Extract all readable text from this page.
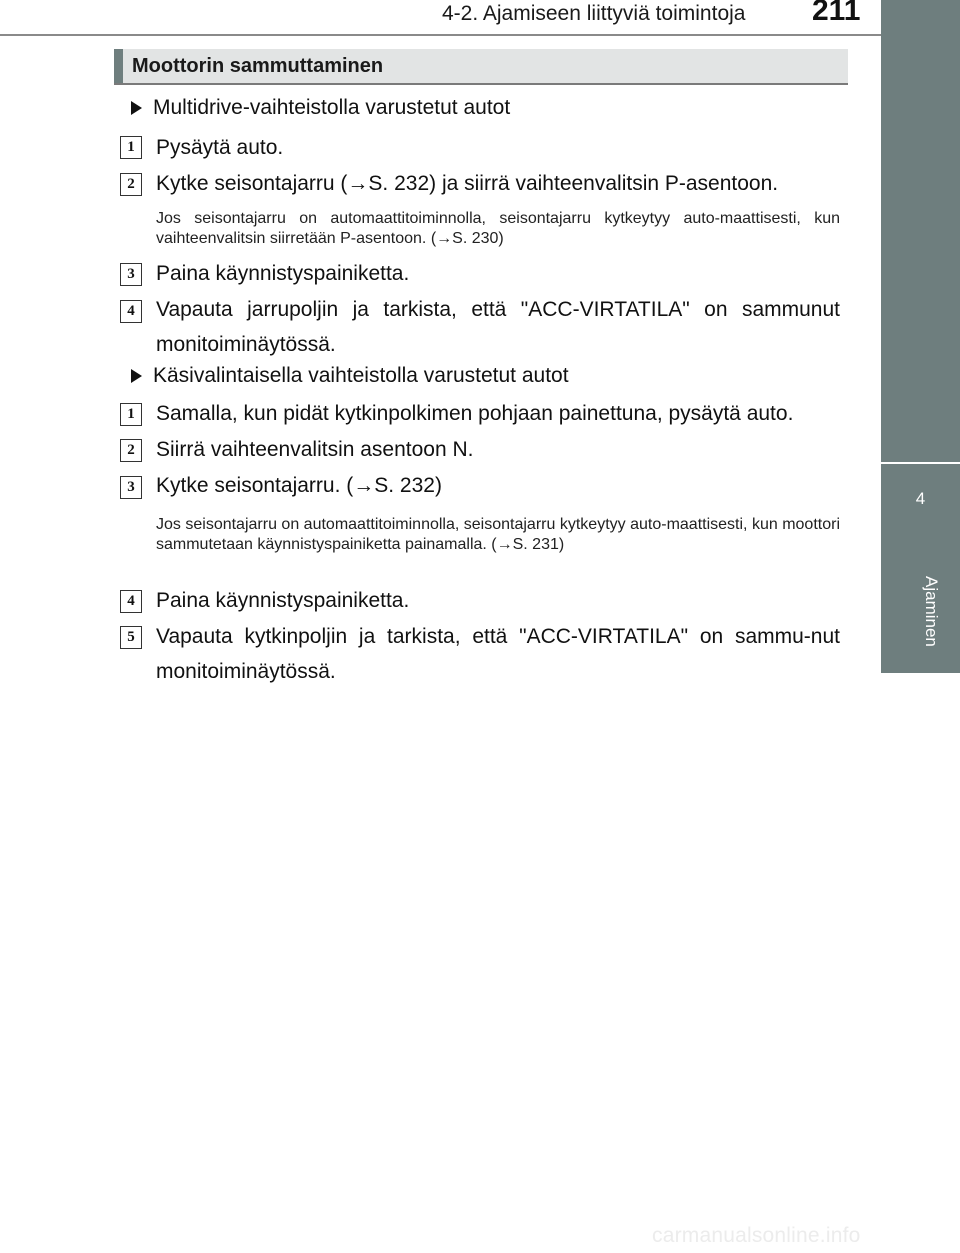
4-2. Ajamiseen liittyviä toimintoja 211
4
Ajaminen
Moottorin sammuttaminen
Multidrive-vaihteistolla varustetut autot
1	Pysäytä auto.
2	Kytke seisontajarru (→S. 232) ja siirrä vaihteenvalitsin P-asentoon.
Jos seisontajarru on automaattitoiminnolla, seisontajarru kytkeytyy auto-maattisesti, kun vaihteenvalitsin siirretään P-asentoon. (→S. 230)
3	Paina käynnistyspainiketta.
4	Vapauta jarrupoljin ja tarkista, että "ACC-VIRTATILA" on sammunut monitoiminäytössä.
Käsivalintaisella vaihteistolla varustetut autot
1	Samalla, kun pidät kytkinpolkimen pohjaan painettuna, pysäytä auto.
2	Siirrä vaihteenvalitsin asentoon N.
3	Kytke seisontajarru. (→S. 232)
Jos seisontajarru on automaattitoiminnolla, seisontajarru kytkeytyy auto-maattisesti, kun moottori sammutetaan käynnistyspainiketta painamalla. (→S. 231)
4	Paina käynnistyspainiketta.
5	Vapauta kytkinpoljin ja tarkista, että "ACC-VIRTATILA" on sammu-nut monitoiminäytössä.
carmanualsonline.info
